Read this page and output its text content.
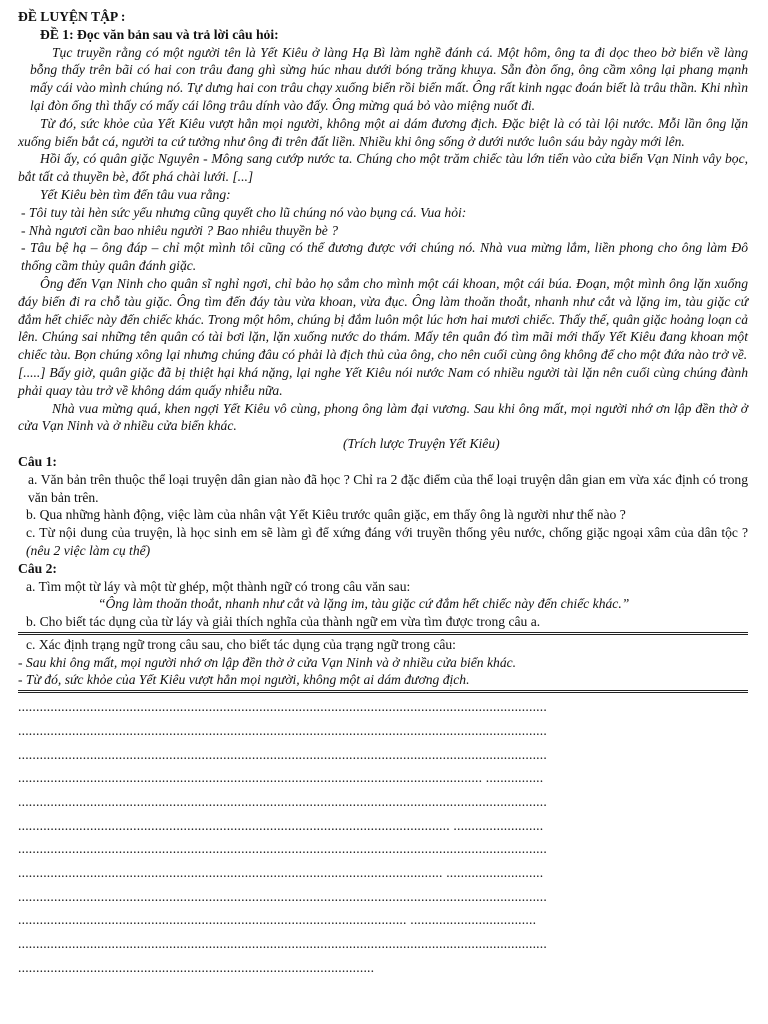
ĐỀ LUYỆN TẬP :

ĐỀ 1: Đọc văn bản sau và trả lời câu hỏi:

Tục truyền rằng có một người tên là Yết Kiêu ở làng Hạ Bì làm nghề đánh cá. Một hôm, ông ta đi dọc theo bờ biển về làng bỗng thấy trên bãi có hai con trâu đang ghì sừng húc nhau dưới bóng trăng khuya. Sẵn đòn ống, ông cầm xông lại phang mạnh mấy cái vào mình chúng nó. Tự dưng hai con trâu chạy xuống biển rồi biến mất. Ông rất kinh ngạc đoán biết là trâu thần. Khi nhìn lại đòn ống thì thấy có mấy cái lông trâu dính vào đấy. Ông mừng quá bỏ vào miệng nuốt đi.

Từ đó, sức khỏe của Yết Kiêu vượt hẳn mọi người, không một ai dám đương địch. Đặc biệt là có tài lội nước. Mỗi lần ông lặn xuống biển bắt cá, người ta cứ tưởng như ông đi trên đất liền. Nhiều khi ông sống ở dưới nước luôn sáu bảy ngày mới lên.

Hồi ấy, có quân giặc Nguyên - Mông sang cướp nước ta. Chúng cho một trăm chiếc tàu lớn tiến vào cửa biển Vạn Ninh vây bọc, bắt tất cả thuyền bè, đốt phá chài lưới. [...]

Yết Kiêu bèn tìm đến tâu vua rằng:

- Tôi tuy tài hèn sức yếu nhưng cũng quyết cho lũ chúng nó vào bụng cá. Vua hỏi:

- Nhà ngươi cần bao nhiêu người ? Bao nhiêu thuyền bè ?

- Tâu bệ hạ – ông đáp – chỉ một mình tôi cũng có thể đương được với chúng nó. Nhà vua mừng lắm, liền phong cho ông làm Đô thống cầm thủy quân đánh giặc.

Ông đến Vạn Ninh cho quân sĩ nghỉ ngơi, chỉ bảo họ sắm cho mình một cái khoan, một cái búa. Đoạn, một mình ông lặn xuống đáy biển đi ra chỗ tàu giặc. Ông tìm đến đáy tàu vừa khoan, vừa đục. Ông làm thoăn thoắt, nhanh như cắt và lặng im, tàu giặc cứ đắm hết chiếc này đến chiếc khác. Trong một hôm, chúng bị đắm luôn một lúc hơn hai mươi chiếc. Thấy thế, quân giặc hoảng loạn cả lên. Chúng sai những tên quân có tài bơi lặn, lặn xuống nước do thám. Mấy tên quân đó tìm mãi mới thấy Yết Kiêu đang khoan một chiếc tàu. Bọn chúng xông lại nhưng chúng đâu có phải là địch thủ của ông, cho nên cuối cùng ông không để cho một đứa nào trở về.

[.....] Bấy giờ, quân giặc đã bị thiệt hại khá nặng, lại nghe Yết Kiêu nói nước Nam có nhiều người tài lặn nên cuối cùng chúng đành phải quay tàu trở về không dám quấy nhiễu nữa.

Nhà vua mừng quá, khen ngợi Yết Kiêu vô cùng, phong ông làm đại vương. Sau khi ông mất, mọi người nhớ ơn lập đền thờ ở cửa Vạn Ninh và ở nhiều cửa biển khác.

(Trích lược Truyện Yết Kiêu)

Câu 1:

a. Văn bản trên thuộc thể loại truyện dân gian nào đã học ? Chỉ ra 2 đặc điểm của thể loại truyện dân gian em vừa xác định có trong văn bản trên.

b. Qua những hành động, việc làm của nhân vật Yết Kiêu trước quân giặc, em thấy ông là người như thế nào ?

c. Từ nội dung của truyện, là học sinh em sẽ làm gì để xứng đáng với truyền thống yêu nước, chống giặc ngoại xâm của dân tộc ? (nêu 2 việc làm cụ thể)

Câu 2:

a. Tìm một từ láy và một từ ghép, một thành ngữ có trong câu văn sau:

“Ông làm thoăn thoắt, nhanh như cắt và lặng im, tàu giặc cứ đắm hết chiếc này đến chiếc khác.”

b. Cho biết tác dụng của từ láy và giải thích nghĩa của thành ngữ em vừa tìm được trong câu a.

c. Xác định trạng ngữ trong câu sau, cho biết tác dụng của trạng ngữ trong câu:

- Sau khi ông mất, mọi người nhớ ơn lập đền thờ ở cửa Vạn Ninh và ở nhiều cửa biển khác.

- Từ đó, sức khỏe của Yết Kiêu vượt hẳn mọi người, không một ai dám đương địch.

...................................................................................................................................................
...................................................................................................................................................
...................................................................................................................................................
................................................................................................................................. ................
...................................................................................................................................................
........................................................................................................................ .........................
...................................................................................................................................................
...................................................................................................................... ...........................
...................................................................................................................................................
............................................................................................................ ...................................
...................................................................................................................................................
...................................................................................................
